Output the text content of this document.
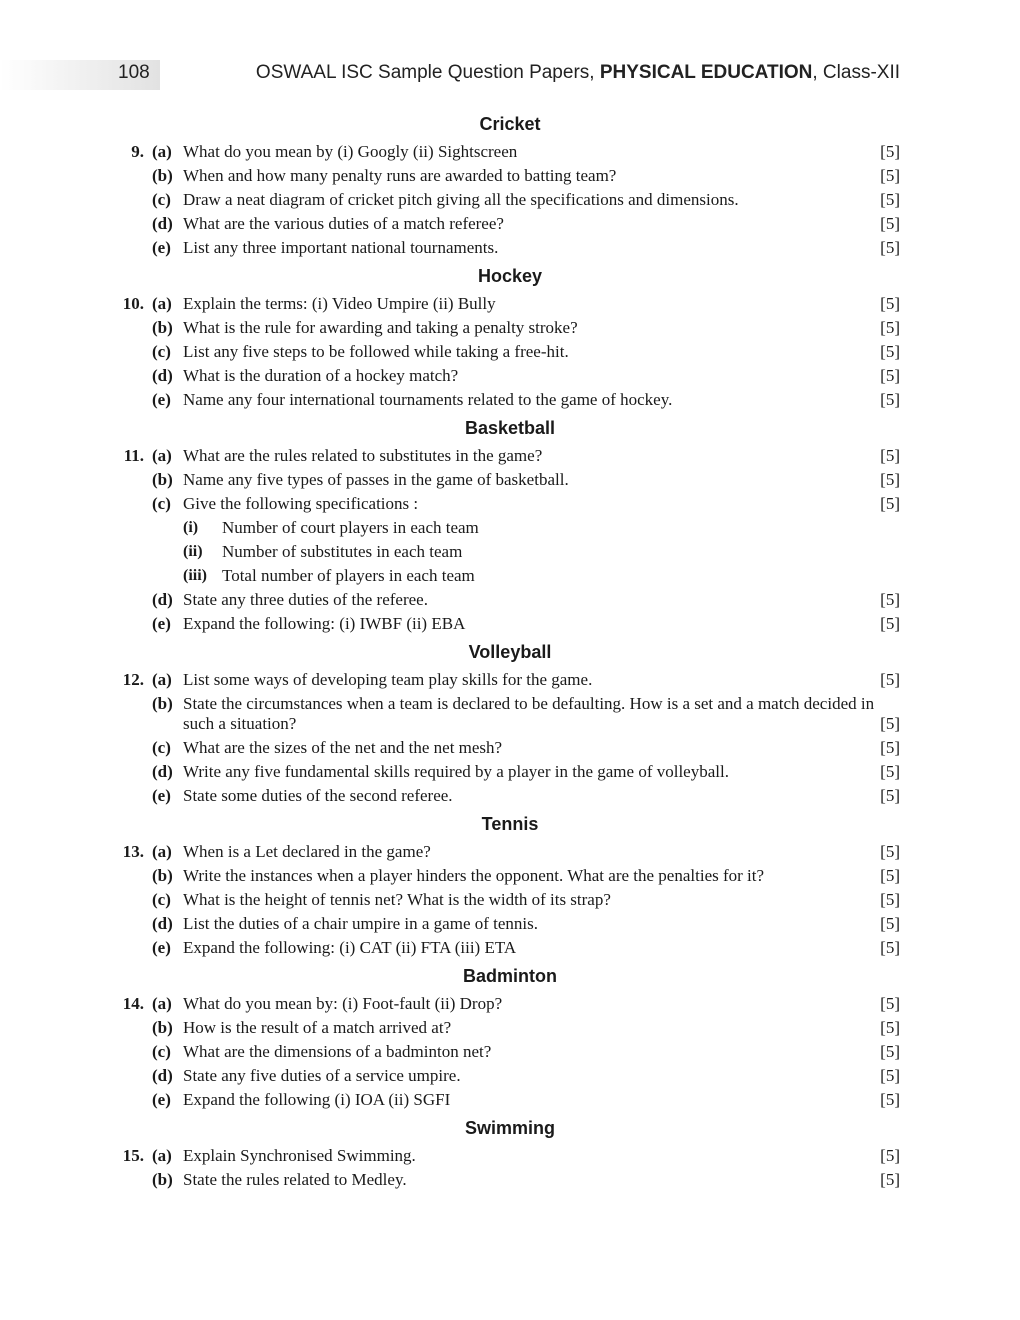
108	OSWAAL ISC Sample Question Papers, PHYSICAL EDUCATION, Class-XII
Cricket
9. (a) What do you mean by (i) Googly (ii) Sightscreen	[5]
(b) When and how many penalty runs are awarded to batting team?	[5]
(c) Draw a neat diagram of cricket pitch giving all the specifications and dimensions.	[5]
(d) What are the various duties of a match referee?	[5]
(e) List any three important national tournaments.	[5]
Hockey
10. (a) Explain the terms: (i) Video Umpire (ii) Bully	[5]
(b) What is the rule for awarding and taking a penalty stroke?	[5]
(c) List any five steps to be followed while taking a free-hit.	[5]
(d) What is the duration of a hockey match?	[5]
(e) Name any four international tournaments related to the game of hockey.	[5]
Basketball
11. (a) What are the rules related to substitutes in the game?	[5]
(b) Name any five types of passes in the game of basketball.	[5]
(c) Give the following specifications :	[5]
(i)	Number of court players in each team
(ii)	Number of substitutes in each team
(iii) Total number of players in each team
(d) State any three duties of the referee.	[5]
(e) Expand the following: (i) IWBF (ii) EBA	[5]
Volleyball
12. (a) List some ways of developing team play skills for the game.	[5]
(b) State the circumstances when a team is declared to be defaulting. How is a set and a match decided in such a situation?	[5]
(c) What are the sizes of the net and the net mesh?	[5]
(d) Write any five fundamental skills required by a player in the game of volleyball.	[5]
(e) State some duties of the second referee.	[5]
Tennis
13. (a) When is a Let declared in the game?	[5]
(b) Write the instances when a player hinders the opponent. What are the penalties for it?	[5]
(c) What is the height of tennis net? What is the width of its strap?	[5]
(d) List the duties of a chair umpire in a game of tennis.	[5]
(e) Expand the following: (i) CAT (ii) FTA (iii) ETA	[5]
Badminton
14. (a) What do you mean by: (i) Foot-fault (ii) Drop?	[5]
(b) How is the result of a match arrived at?	[5]
(c) What are the dimensions of a badminton net?	[5]
(d) State any five duties of a service umpire.	[5]
(e) Expand the following (i) IOA (ii) SGFI	[5]
Swimming
15. (a) Explain Synchronised Swimming.	[5]
(b) State the rules related to Medley.	[5]
